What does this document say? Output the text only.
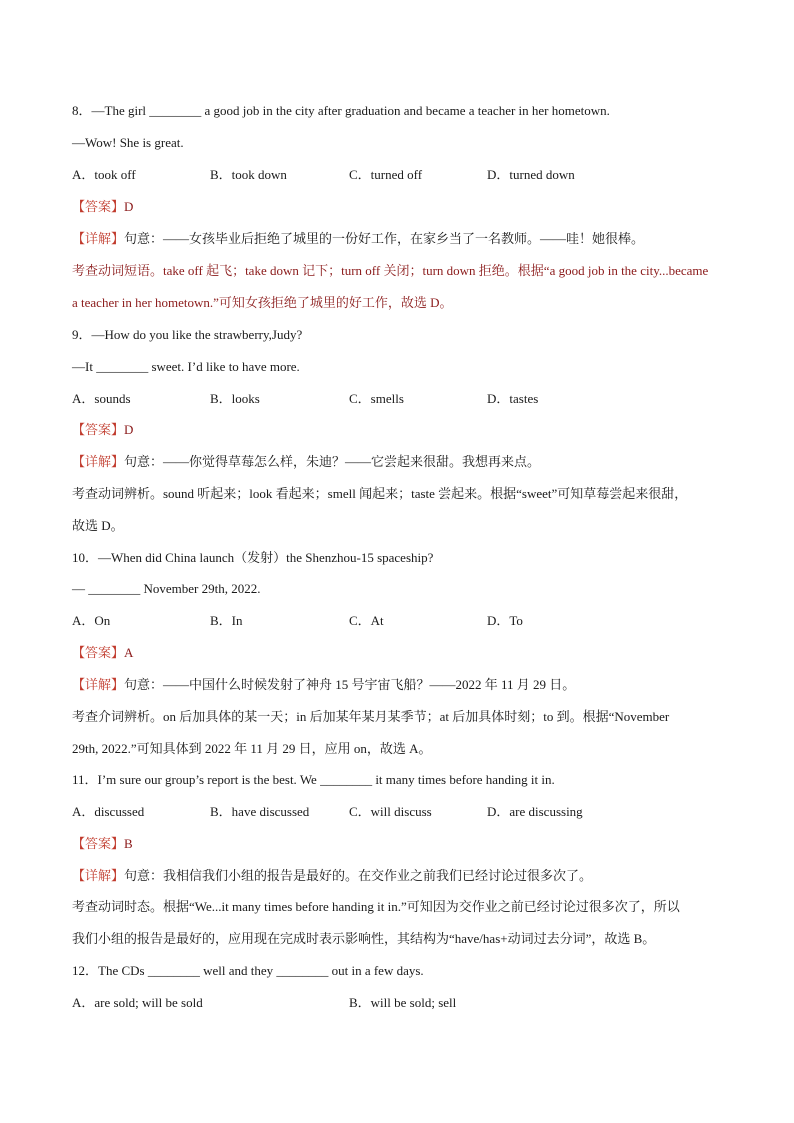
8．—The girl ________ a good job in the city after graduation and became a teacher in her hometown.
—Wow! She is great.
A．took off	B．took down	C．turned off	D．turned down
【答案】D
【详解】句意：——女孩毕业后拒绝了城里的一份好工作，在家乡当了一名教师。——哇！她很棒。
考查动词短语。take off 起飞；take down 记下；turn off 关闭；turn down 拒绝。根据“a good job in the city...became
a teacher in her hometown.”可知女孩拒绝了城里的好工作，故选 D。
9．—How do you like the strawberry,Judy?
—It ________ sweet. I’d like to have more.
A．sounds	B．looks	C．smells	D．tastes
【答案】D
【详解】句意：——你觉得草莓怎么样，朱迪？——它尝起来很甜。我想再来点。
考查动词辨析。sound 听起来；look 看起来；smell 闻起来；taste 尝起来。根据“sweet”可知草莓尝起来很甜，
故选 D。
10．—When did China launch（发射）the Shenzhou-15 spaceship?
— ________ November 29th, 2022.
A．On	B．In	C．At	D．To
【答案】A
【详解】句意：——中国什么时候发射了神舟 15 号宇宙飞船？——2022 年 11 月 29 日。
考查介词辨析。on 后加具体的某一天；in 后加某年某月某季节；at 后加具体时刻；to 到。根据“November
29th, 2022.”可知具体到 2022 年 11 月 29 日，应用 on，故选 A。
11．I’m sure our group’s report is the best. We ________ it many times before handing it in.
A．discussed	B．have discussed	C．will discuss	D．are discussing
【答案】B
【详解】句意：我相信我们小组的报告是最好的。在交作业之前我们已经讨论过很多次了。
考查动词时态。根据“We...it many times before handing it in.”可知因为交作业之前已经讨论过很多次了，所以
我们小组的报告是最好的，应用现在完成时表示影响性，其结构为“have/has+动词过去分词”，故选 B。
12．The CDs ________ well and they ________ out in a few days.
A．are sold; will be sold	B．will be sold; sell
